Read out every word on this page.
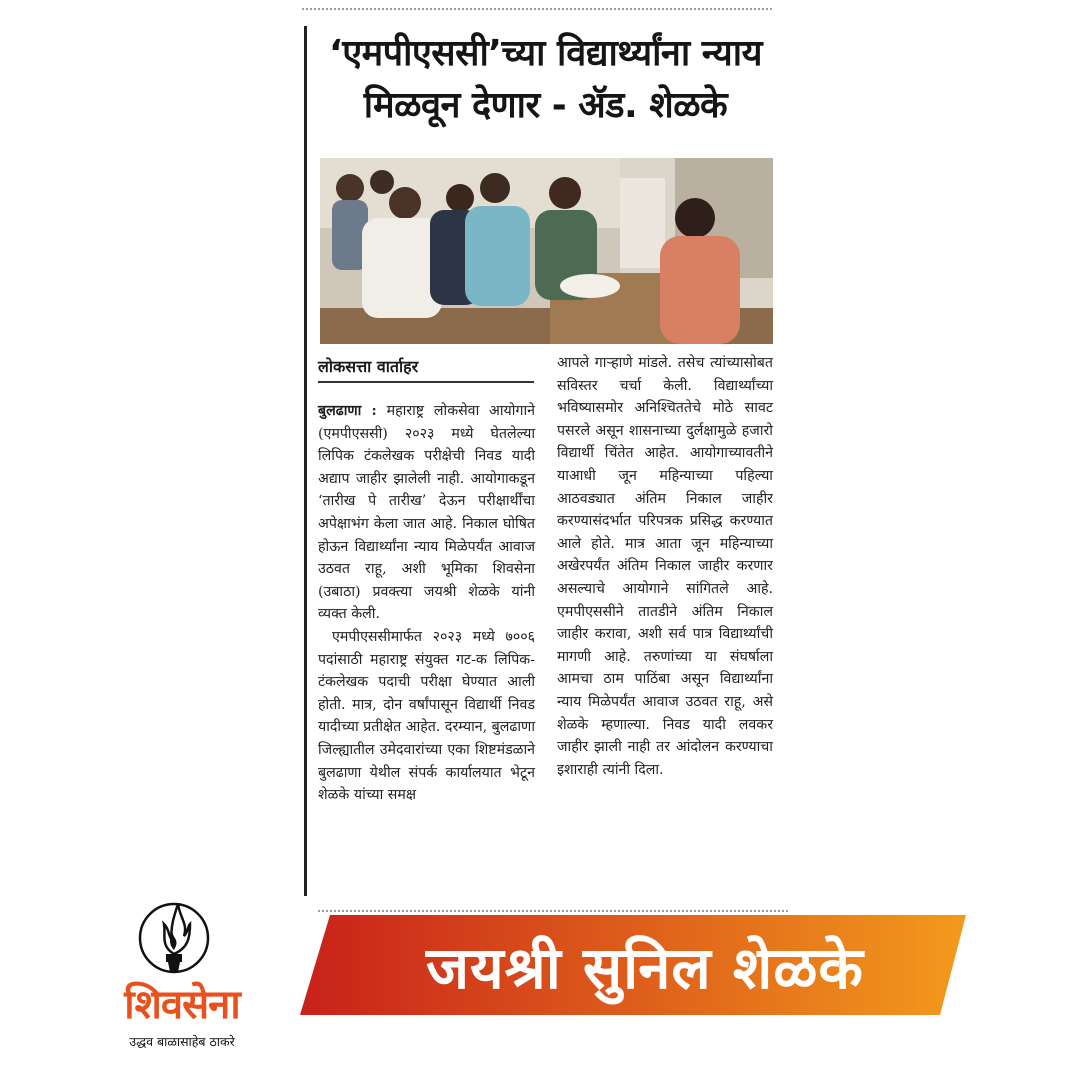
‘एमपीएससी’च्या विद्यार्थ्यांना न्याय
मिळवून देणार - ॲड. शेळके
लोकसत्ता वार्ताहर

बुलढाणा : महाराष्ट्र लोकसेवा आयोगाने (एमपीएससी) २०२३ मध्ये घेतलेल्या लिपिक टंकलेखक परीक्षेची निवड यादी अद्याप जाहीर झालेली नाही. आयोगाकडून ‘तारीख पे तारीख’ देऊन परीक्षार्थींचा अपेक्षाभंग केला जात आहे. निकाल घोषित होऊन विद्यार्थ्यांना न्याय मिळेपर्यंत आवाज उठवत राहू, अशी भूमिका शिवसेना (उबाठा) प्रवक्त्या जयश्री शेळके यांनी व्यक्त केली.

एमपीएससीमार्फत २०२३ मध्ये ७००६ पदांसाठी महाराष्ट्र संयुक्त गट-क लिपिक-टंकलेखक पदाची परीक्षा घेण्यात आली होती. मात्र, दोन वर्षांपासून विद्यार्थी निवड यादीच्या प्रतीक्षेत आहेत. दरम्यान, बुलढाणा जिल्ह्यातील उमेदवारांच्या एका शिष्टमंडळाने बुलढाणा येथील संपर्क कार्यालयात भेटून शेळके यांच्या समक्ष

आपले गाऱ्हाणे मांडले. तसेच त्यांच्यासोबत सविस्तर चर्चा केली. विद्यार्थ्यांच्या भविष्यासमोर अनिश्चिततेचे मोठे सावट पसरले असून शासनाच्या दुर्लक्षामुळे हजारो विद्यार्थी चिंतेत आहेत. आयोगाच्यावतीने याआधी जून महिन्याच्या पहिल्या आठवड्यात अंतिम निकाल जाहीर करण्यासंदर्भात परिपत्रक प्रसिद्ध करण्यात आले होते. मात्र आता जून महिन्याच्या अखेरपर्यंत अंतिम निकाल जाहीर करणार असल्याचे आयोगाने सांगितले आहे. एमपीएससीने तातडीने अंतिम निकाल जाहीर करावा, अशी सर्व पात्र विद्यार्थ्यांची मागणी आहे. तरुणांच्या या संघर्षाला आमचा ठाम पाठिंबा असून विद्यार्थ्यांना न्याय मिळेपर्यंत आवाज उठवत राहू, असे शेळके म्हणाल्या. निवड यादी लवकर जाहीर झाली नाही तर आंदोलन करण्याचा इशाराही त्यांनी दिला.

जयश्री सुनिल शेळके
शिवसेना
उद्धव बाळासाहेब ठाकरे
